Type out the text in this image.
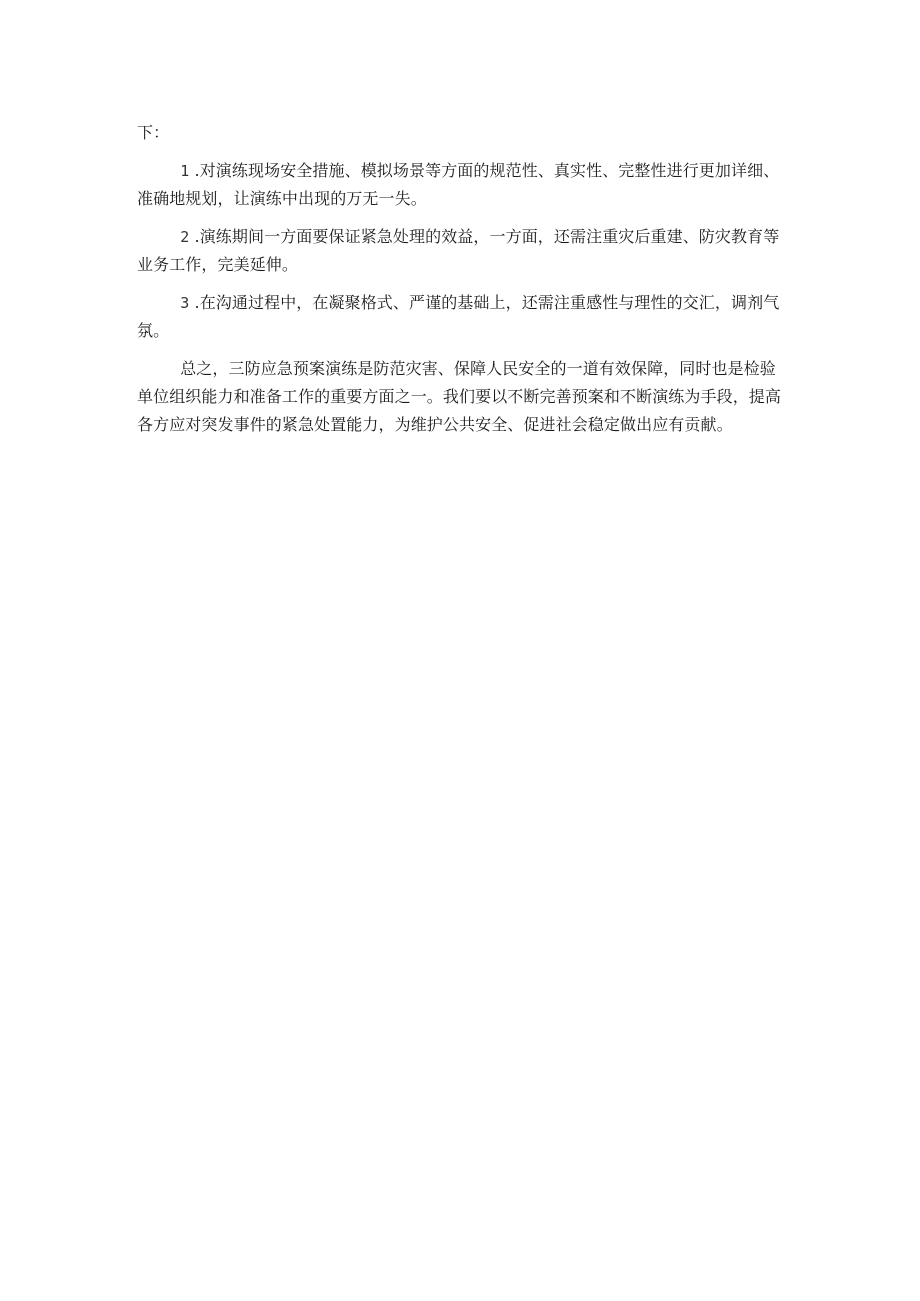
下：

1 .对演练现场安全措施、模拟场景等方面的规范性、真实性、完整性进行更加详细、准确地规划，让演练中出现的万无一失。

2 .演练期间一方面要保证紧急处理的效益，一方面，还需注重灾后重建、防灾教育等业务工作，完美延伸。

3 .在沟通过程中，在凝聚格式、严谨的基础上，还需注重感性与理性的交汇，调剂气氛。

总之，三防应急预案演练是防范灾害、保障人民安全的一道有效保障，同时也是检验单位组织能力和准备工作的重要方面之一。我们要以不断完善预案和不断演练为手段，提高各方应对突发事件的紧急处置能力，为维护公共安全、促进社会稳定做出应有贡献。
